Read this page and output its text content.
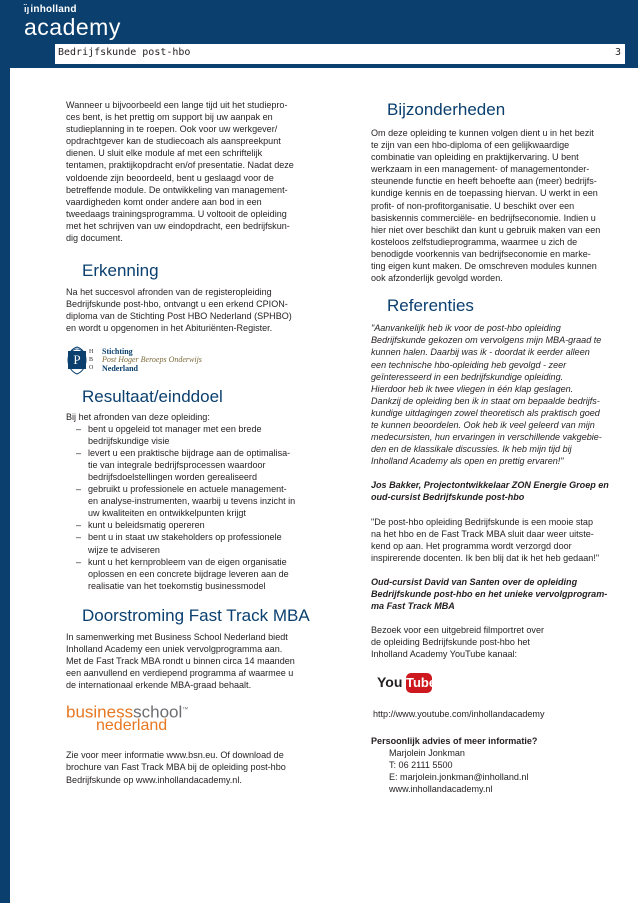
ı̈ȷinholland
academy
Bedrijfskunde post-hbo	3
Wanneer u bijvoorbeeld een lange tijd uit het studiepro-
ces bent, is het prettig om support bij uw aanpak en
studieplanning in te roepen. Ook voor uw werkgever/
opdrachtgever kan de studiecoach als aanspreekpunt
dienen. U sluit elke module af met een schriftelijk
tentamen, praktijkopdracht en/of presentatie. Nadat deze
voldoende zijn beoordeeld, bent u geslaagd voor de
betreffende module. De ontwikkeling van management-
vaardigheden komt onder andere aan bod in een
tweedaags trainingsprogramma. U voltooit de opleiding
met het schrijven van uw eindopdracht, een bedrijfskun-
dig document.

Erkenning

Na het succesvol afronden van de registeropleiding
Bedrijfskunde post-hbo, ontvangt u een erkend CPION-
diploma van de Stichting Post HBO Nederland (SPHBO)
en wordt u opgenomen in het Abituriënten-Register.
P	H
B
O
Stichting
Post Hoger Beroeps Onderwijs
Nederland

Resultaat/einddoel

Bij het afronden van deze opleiding:

– bent u opgeleid tot manager met een brede
bedrijfskundige visie
– levert u een praktische bijdrage aan de optimalisa-
tie van integrale bedrijfsprocessen waardoor
bedrijfsdoelstellingen worden gerealiseerd
– gebruikt u professionele en actuele management-
en analyse-instrumenten, waarbij u tevens inzicht in
uw kwaliteiten en ontwikkelpunten krijgt
– kunt u beleidsmatig opereren
– bent u in staat uw stakeholders op professionele
wijze te adviseren
– kunt u het kernprobleem van de eigen organisatie
oplossen en een concrete bijdrage leveren aan de
realisatie van het toekomstig businessmodel

Doorstroming Fast Track MBA

In samenwerking met Business School Nederland biedt
Inholland Academy een uniek vervolgprogramma aan.
Met de Fast Track MBA rondt u binnen circa 14 maanden
een aanvullend en verdiepend programma af waarmee u
de internationaal erkende MBA-graad behaalt.
businessschool™
nederland
Zie voor meer informatie www.bsn.eu. Of download de
brochure van Fast Track MBA bij de opleiding post-hbo
Bedrijfskunde op www.inhollandacademy.nl.

Bijzonderheden

Om deze opleiding te kunnen volgen dient u in het bezit
te zijn van een hbo-diploma of een gelijkwaardige
combinatie van opleiding en praktijkervaring. U bent
werkzaam in een management- of managementonder-
steunende functie en heeft behoefte aan (meer) bedrijfs-
kundige kennis en de toepassing hiervan. U werkt in een
profit- of non-profitorganisatie. U beschikt over een
basiskennis commerciële- en bedrijfseconomie. Indien u
hier niet over beschikt dan kunt u gebruik maken van een
kosteloos zelfstudieprogramma, waarmee u zich de
benodigde voorkennis van bedrijfseconomie en marke-
ting eigen kunt maken. De omschreven modules kunnen
ook afzonderlijk gevolgd worden.

Referenties

"Aanvankelijk heb ik voor de post-hbo opleiding
Bedrijfskunde gekozen om vervolgens mijn MBA-graad te
kunnen halen. Daarbij was ik - doordat ik eerder alleen
een technische hbo-opleiding heb gevolgd - zeer
geïnteresseerd in een bedrijfskundige opleiding.
Hierdoor heb ik twee vliegen in één klap geslagen.
Dankzij de opleiding ben ik in staat om bepaalde bedrijfs-
kundige uitdagingen zowel theoretisch als praktisch goed
te kunnen beoordelen. Ook heb ik veel geleerd van mijn
medecursisten, hun ervaringen in verschillende vakgebie-
den en de klassikale discussies. Ik heb mijn tijd bij
Inholland Academy als open en prettig ervaren!"
Jos Bakker, Projectontwikkelaar ZON Energie Groep en
oud-cursist Bedrijfskunde post-hbo
"De post-hbo opleiding Bedrijfskunde is een mooie stap
na het hbo en de Fast Track MBA sluit daar weer uitste-
kend op aan. Het programma wordt verzorgd door
inspirerende docenten. Ik ben blij dat ik het heb gedaan!"
Oud-cursist David van Santen over de opleiding
Bedrijfskunde post-hbo en het unieke vervolgprogram-
ma Fast Track MBA
Bezoek voor een uitgebreid filmportret over
de opleiding Bedrijfskunde post-hbo het
Inholland Academy YouTube kanaal:
You Tube

http://www.youtube.com/inhollandacademy

Persoonlijk advies of meer informatie?

Marjolein Jonkman
T: 06 2111 5500
E: marjolein.jonkman@inholland.nl
www.inhollandacademy.nl
